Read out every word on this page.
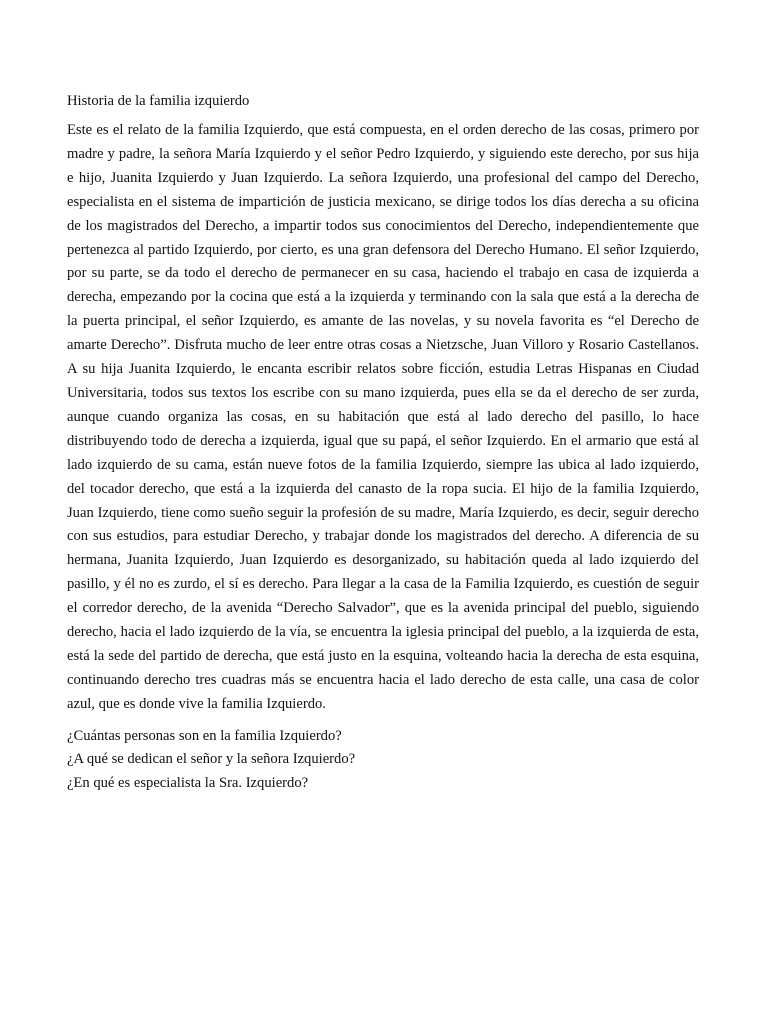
Historia de la familia izquierdo

Este es el relato de la familia Izquierdo, que está compuesta, en el orden derecho de las cosas, primero por madre y padre, la señora María Izquierdo y el señor Pedro Izquierdo, y siguiendo este derecho, por sus hija e hijo, Juanita Izquierdo y Juan Izquierdo. La señora Izquierdo, una profesional del campo del Derecho, especialista en el sistema de impartición de justicia mexicano, se dirige todos los días derecha a su oficina de los magistrados del Derecho, a impartir todos sus conocimientos del Derecho, independientemente que pertenezca al partido Izquierdo, por cierto, es una gran defensora del Derecho Humano. El señor Izquierdo, por su parte, se da todo el derecho de permanecer en su casa, haciendo el trabajo en casa de izquierda a derecha, empezando por la cocina que está a la izquierda y terminando con la sala que está a la derecha de la puerta principal, el señor Izquierdo, es amante de las novelas, y su novela favorita es “el Derecho de amarte Derecho”. Disfruta mucho de leer entre otras cosas a Nietzsche, Juan Villoro y Rosario Castellanos. A su hija Juanita Izquierdo, le encanta escribir relatos sobre ficción, estudia Letras Hispanas en Ciudad Universitaria, todos sus textos los escribe con su mano izquierda, pues ella se da el derecho de ser zurda, aunque cuando organiza las cosas, en su habitación que está al lado derecho del pasillo, lo hace distribuyendo todo de derecha a izquierda, igual que su papá, el señor Izquierdo. En el armario que está al lado izquierdo de su cama, están nueve fotos de la familia Izquierdo, siempre las ubica al lado izquierdo, del tocador derecho, que está a la izquierda del canasto de la ropa sucia. El hijo de la familia Izquierdo, Juan Izquierdo, tiene como sueño seguir la profesión de su madre, María Izquierdo, es decir, seguir derecho con sus estudios, para estudiar Derecho, y trabajar donde los magistrados del derecho. A diferencia de su hermana, Juanita Izquierdo, Juan Izquierdo es desorganizado, su habitación queda al lado izquierdo del pasillo, y él no es zurdo, el sí es derecho. Para llegar a la casa de la Familia Izquierdo, es cuestión de seguir el corredor derecho, de la avenida “Derecho Salvador”, que es la avenida principal del pueblo, siguiendo derecho, hacia el lado izquierdo de la vía, se encuentra la iglesia principal del pueblo, a la izquierda de esta, está la sede del partido de derecha, que está justo en la esquina, volteando hacia la derecha de esta esquina, continuando derecho tres cuadras más se encuentra hacia el lado derecho de esta calle, una casa de color azul, que es donde vive la familia Izquierdo.

¿Cuántas personas son en la familia Izquierdo?
¿A qué se dedican el señor y la señora Izquierdo?
¿En qué es especialista la Sra. Izquierdo?
